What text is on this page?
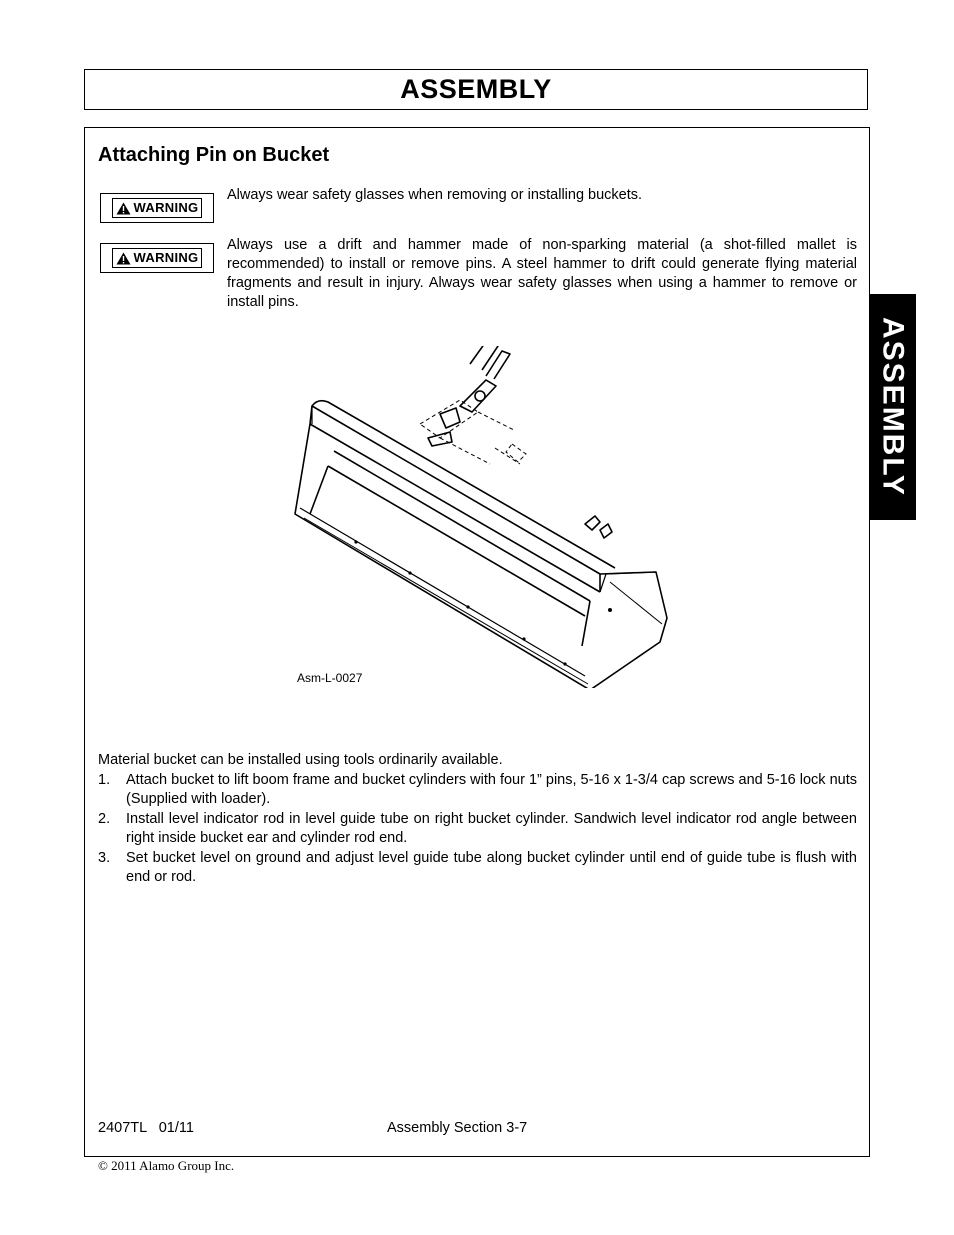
ASSEMBLY
Attaching Pin on Bucket
WARNING
Always wear safety glasses when removing or installing buckets.
WARNING
Always use a drift and hammer made of non-sparking material (a shot-filled mallet is recommended) to install or remove pins. A steel hammer to drift could generate flying material fragments and result in injury. Always wear safety glasses when using a hammer to remove or install pins.
Asm-L-0027

Material bucket can be installed using tools ordinarily available.

1.	Attach bucket to lift boom frame and bucket cylinders with four 1” pins, 5-16 x 1-3/4 cap screws and 5-16 lock nuts (Supplied with loader).
2.	Install level indicator rod in level guide tube on right bucket cylinder. Sandwich level indicator rod angle between right inside bucket ear and cylinder rod end.
3.	Set bucket level on ground and adjust level guide tube along bucket cylinder until end of guide tube is flush with end or rod.
2407TL   01/11	Assembly Section 3-7
ASSEMBLY
© 2011 Alamo Group Inc.
